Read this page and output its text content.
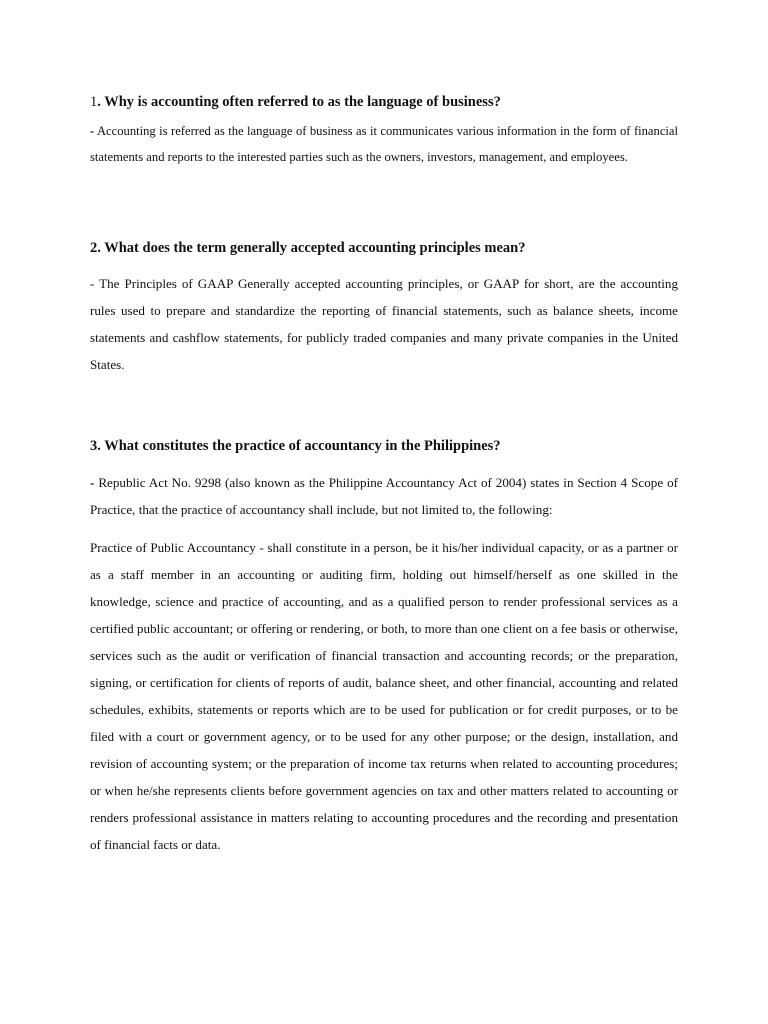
1. Why is accounting often referred to as the language of business?

- Accounting is referred as the language of business as it communicates various information in the form of financial statements and reports to the interested parties such as the owners, investors, management, and employees.

2. What does the term generally accepted accounting principles mean?

- The Principles of GAAP Generally accepted accounting principles, or GAAP for short, are the accounting rules used to prepare and standardize the reporting of financial statements, such as balance sheets, income statements and cashflow statements, for publicly traded companies and many private companies in the United States.

3. What constitutes the practice of accountancy in the Philippines?

- Republic Act No. 9298 (also known as the Philippine Accountancy Act of 2004) states in Section 4 Scope of Practice, that the practice of accountancy shall include, but not limited to, the following:

Practice of Public Accountancy - shall constitute in a person, be it his/her individual capacity, or as a partner or as a staff member in an accounting or auditing firm, holding out himself/herself as one skilled in the knowledge, science and practice of accounting, and as a qualified person to render professional services as a certified public accountant; or offering or rendering, or both, to more than one client on a fee basis or otherwise, services such as the audit or verification of financial transaction and accounting records; or the preparation, signing, or certification for clients of reports of audit, balance sheet, and other financial, accounting and related schedules, exhibits, statements or reports which are to be used for publication or for credit purposes, or to be filed with a court or government agency, or to be used for any other purpose; or the design, installation, and revision of accounting system; or the preparation of income tax returns when related to accounting procedures; or when he/she represents clients before government agencies on tax and other matters related to accounting or renders professional assistance in matters relating to accounting procedures and the recording and presentation of financial facts or data.
